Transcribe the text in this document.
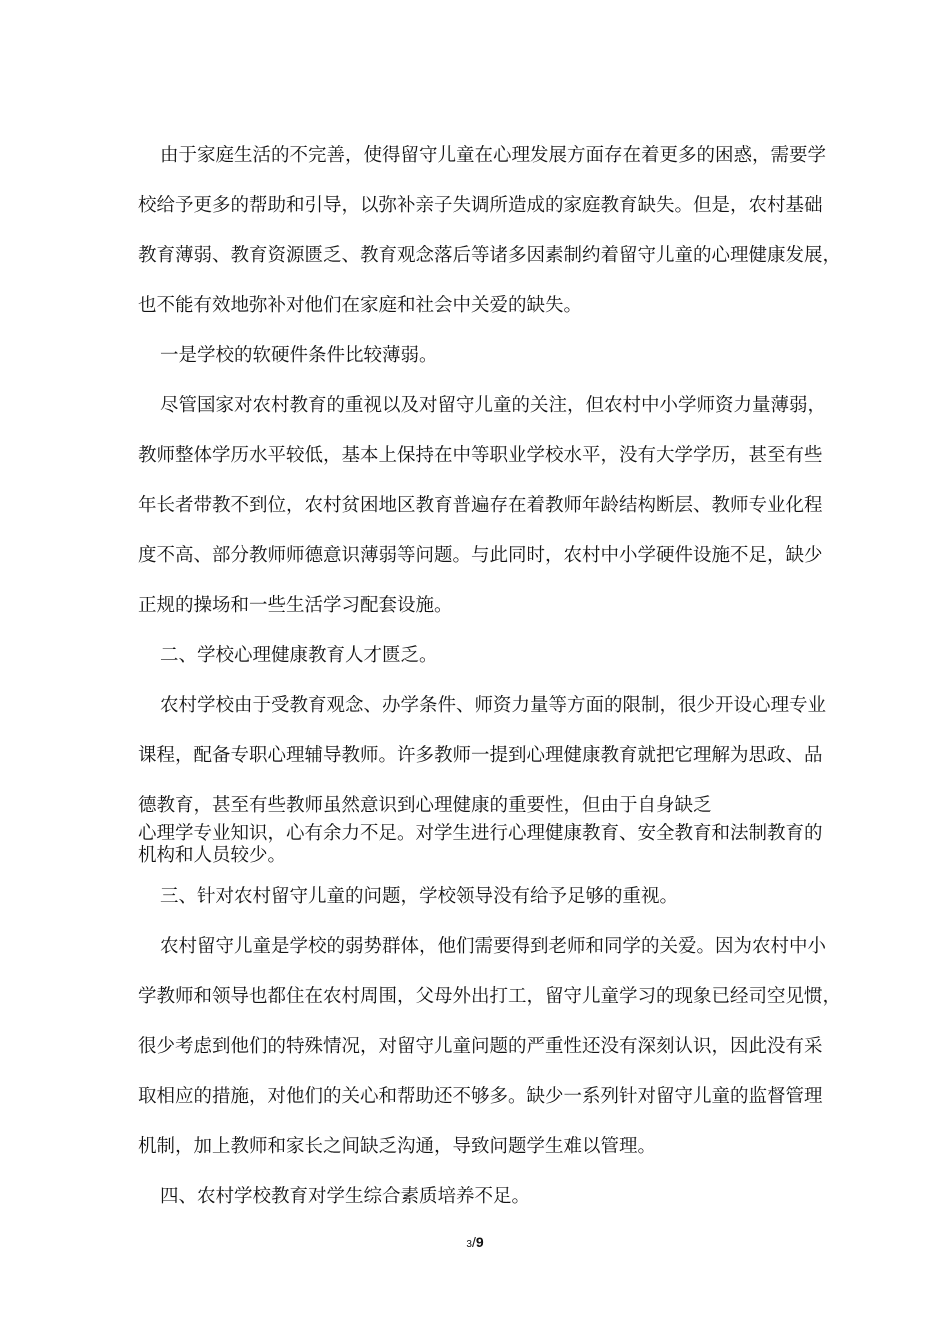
由于家庭生活的不完善，使得留守儿童在心理发展方面存在着更多的困惑，需要学
校给予更多的帮助和引导，以弥补亲子失调所造成的家庭教育缺失。但是，农村基础
教育薄弱、教育资源匮乏、教育观念落后等诸多因素制约着留守儿童的心理健康发展，
也不能有效地弥补对他们在家庭和社会中关爱的缺失。
一是学校的软硬件条件比较薄弱。
尽管国家对农村教育的重视以及对留守儿童的关注，但农村中小学师资力量薄弱，
教师整体学历水平较低，基本上保持在中等职业学校水平，没有大学学历，甚至有些
年长者带教不到位，农村贫困地区教育普遍存在着教师年龄结构断层、教师专业化程
度不高、部分教师师德意识薄弱等问题。与此同时，农村中小学硬件设施不足，缺少
正规的操场和一些生活学习配套设施。
二、学校心理健康教育人才匮乏。
农村学校由于受教育观念、办学条件、师资力量等方面的限制，很少开设心理专业
课程，配备专职心理辅导教师。许多教师一提到心理健康教育就把它理解为思政、品
德教育，甚至有些教师虽然意识到心理健康的重要性，但由于自身缺乏
心理学专业知识，心有余力不足。对学生进行心理健康教育、安全教育和法制教育的
机构和人员较少。
三、针对农村留守儿童的问题，学校领导没有给予足够的重视。
农村留守儿童是学校的弱势群体，他们需要得到老师和同学的关爱。因为农村中小
学教师和领导也都住在农村周围，父母外出打工，留守儿童学习的现象已经司空见惯，
很少考虑到他们的特殊情况，对留守儿童问题的严重性还没有深刻认识，因此没有采
取相应的措施，对他们的关心和帮助还不够多。缺少一系列针对留守儿童的监督管理
机制，加上教师和家长之间缺乏沟通，导致问题学生难以管理。
四、农村学校教育对学生综合素质培养不足。
3/9
